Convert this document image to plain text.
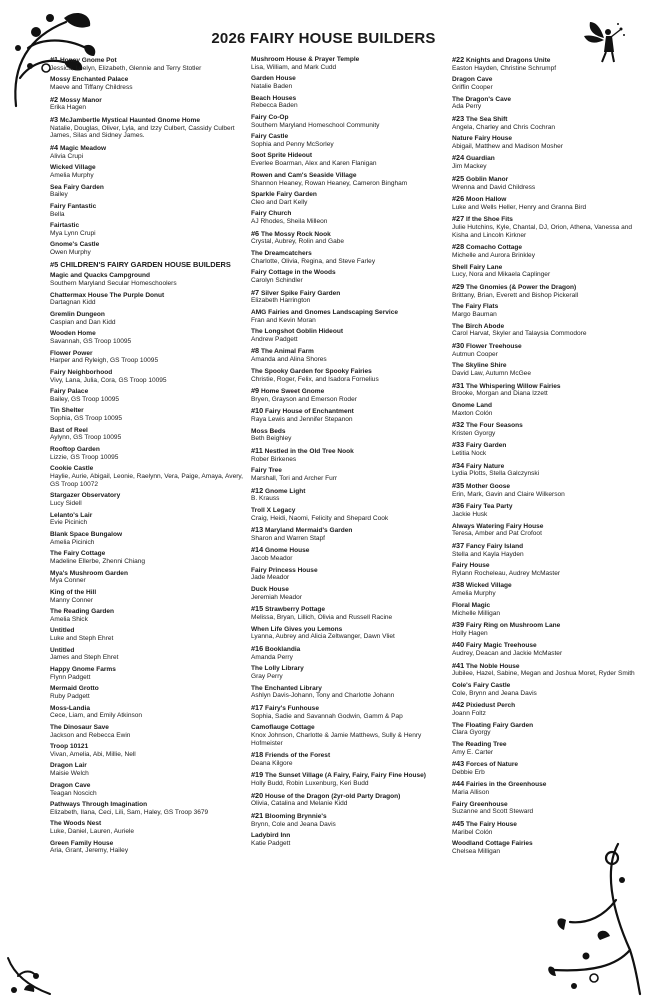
2026 FAIRY HOUSE BUILDERS
#1 Honey Gnome Pot
Jessica, Leelyn, Elizabeth, Glennie and Terry Stotler
Mossy Enchanted Palace
Maeve and Tiffany Childress
#2 Mossy Manor
Erika Hagen
#3 McJambertle Mystical Haunted Gnome Home
Natalie, Douglas, Oliver, Lyla, and Izzy Culbert, Cassidy Culbert James, Silas and Sidney James.
#4 Magic Meadow
Alivia Crupi
Wicked Village
Amelia Murphy
Sea Fairy Garden
Bailey
Fairy Fantastic
Bella
Fairtastic
Mya Lynn Crupi
Gnome's Castle
Owen Murphy
#5 CHILDREN'S FAIRY GARDEN HOUSE BUILDERS
Magic and Quacks Campground
Southern Maryland Secular Homeschoolers
Chattermax House The Purple Donut
Dartagnan Kidd
Gremlin Dungeon
Caspian and Dan Kidd
Wooden Home
Savannah, GS Troop 10095
Flower Power
Harper and Ryleigh, GS Troop 10095
Fairy Neighborhood
Vivy, Lana, Julia, Cora, GS Troop 10095
Fairy Palace
Bailey, GS Troop 10095
Tin Shelter
Sophia, GS Troop 10095
Bast of Reel
Aylynn, GS Troop 10095
Rooftop Garden
Lizzie, GS Troop 10095
Cookie Castle
Haylie, Aurie, Abigail, Leonie, Raelynn, Vera, Paige, Amaya, Avery, GS Troop 10072
Stargazer Observatory
Lucy Sidell
Lelanto's Lair
Evie Picinich
Blank Space Bungalow
Amelia Picinich
The Fairy Cottage
Madeline Ellerbe, Zhenni Chiang
Mya's Mushroom Garden
Mya Conner
King of the Hill
Manny Conner
The Reading Garden
Amelia Shick
Untitled
Luke and Steph Ehret
Untitled
James and Steph Ehret
Happy Gnome Farms
Flynn Padgett
Mermaid Grotto
Ruby Padgett
Moss-Landia
Cece, Liam, and Emily Atkinson
The Dinosaur Save
Jackson and Rebecca Ewin
Troop 10121
Vivan, Amelia, Abi, Millie, Nell
Dragon Lair
Maisie Welch
Dragon Cave
Teagan Noscich
Pathways Through Imagination
Elizabeth, Ilana, Ceci, Lili, Sam, Haley, GS Troop 3679
The Woods Nest
Luke, Daniel, Lauren, Auriele
Green Family House
Aria, Grant, Jeremy, Hailey
Mushroom House & Prayer Temple
Lisa, William, and Mark Cudd
Garden House
Natalie Baden
Beach Houses
Rebecca Baden
Fairy Co-Op
Southern Maryland Homeschool Community
Fairy Castle
Sophia and Penny McSorley
Soot Sprite Hideout
Everlee Boarman, Alex and Karen Flanigan
Rowen and Cam's Seaside Village
Shannon Heaney, Rowan Heaney, Cameron Bingham
Sparkle Fairy Garden
Cleo and Dart Kelly
Fairy Church
AJ Rhodes, Sheila Milleon
#6 The Mossy Rock Nook
Crystal, Aubrey, Rolin and Gabe
The Dreamcatchers
Charlotte, Olivia, Regina, and Steve Farley
Fairy Cottage in the Woods
Carolyn Schindler
#7 Silver Spike Fairy Garden
Elizabeth Harrington
AMG Fairies and Gnomes Landscaping Service
Fran and Kevin Moran
The Longshot Goblin Hideout
Andrew Padgett
#8 The Animal Farm
Amanda and Alina Shores
The Spooky Garden for Spooky Fairies
Christie, Roger, Felix, and Isadora Fornelius
#9 Home Sweet Gnome
Bryen, Grayson and Emerson Roder
#10 Fairy House of Enchantment
Raya Lewis and Jennifer Stepanon
Moss Beds
Beth Beighley
#11 Nestled in the Old Tree Nook
Rober Birkenes
Fairy Tree
Marshall, Tori and Archer Furr
#12 Gnome Light
B. Krauss
Troll X Legacy
Craig, Heidi, Naomi, Felicity and Shepard Cook
#13 Maryland Mermaid's Garden
Sharon and Warren Stapf
#14 Gnome House
Jacob Meador
Fairy Princess House
Jade Meador
Duck House
Jeremiah Meador
#15 Strawberry Pottage
Melissa, Bryan, Lillich, Olivia and Russell Racine
When Life Gives you Lemons
Lyanna, Aubrey and Alicia Zeltwanger, Dawn Vliet
#16 Booklandia
Amanda Perry
The Lolly Library
Gray Perry
The Enchanted Library
Ashlyn Davis-Johann, Tony and Charlotte Johann
#17 Fairy's Funhouse
Sophia, Sadie and Savannah Godwin, Gamm & Pap
Camoflauge Cottage
Knox Johnson, Charlotte & Jamie Matthews, Sully & Henry Hofmeister
#18 Friends of the Forest
Deana Kilgore
#19 The Sunset Village (A Fairy, Fairy, Fairy Fine House)
Holly Budd, Robin Luxenburg, Keri Budd
#20 House of the Dragon (2yr-old Party Dragon)
Olivia, Catalina and Melanie Kidd
#21 Blooming Brynnie's
Brynn, Cole and Jeana Davis
Ladybird Inn
Katie Padgett
#22 Knights and Dragons Unite
Easton Hayden, Christine Schrumpf
Dragon Cave
Griffin Cooper
The Dragon's Cave
Ada Perry
#23 The Sea Shift
Angela, Charley and Chris Cochran
Nature Fairy House
Abigail, Matthew and Madison Mosher
#24 Guardian
Jim Mackey
#25 Goblin Manor
Wrenna and David Childress
#26 Moon Hallow
Luke and Wells Heller, Henry and Granna Bird
#27 If the Shoe Fits
Julie Hutchins, Kyle, Chantal, DJ, Orion, Athena, Vanessa and Kisha and Lincoln Kirkner
#28 Comacho Cottage
Michelle and Aurora Brinkley
Shell Fairy Lane
Lucy, Nora and Mikaela Caplinger
#29 The Gnomies (& Power the Dragon)
Brittany, Brian, Everett and Bishop Pickerall
The Fairy Flats
Margo Bauman
The Birch Abode
Carol Harvat, Skyler and Talaysia Commodore
#30 Flower Treehouse
Autmun Cooper
The Skyline Shire
David Law, Autumn McGee
#31 The Whispering Willow Fairies
Brooke, Morgan and Diana Izzett
Gnome Land
Maxton Colón
#32 The Four Seasons
Kristen Gyorgy
#33 Fairy Garden
Letitia Nock
#34 Fairy Nature
Lydia Plotts, Stella Galczynski
#35 Mother Goose
Erin, Mark, Gavin and Claire Wilkerson
#36 Fairy Tea Party
Jackie Husk
Always Watering Fairy House
Teresa, Amber and Pat Crofoot
#37 Fancy Fairy Island
Stella and Kayla Hayden
Fairy House
Rylann Rocheleau, Audrey McMaster
#38 Wicked Village
Amelia Murphy
Floral Magic
Michelle Milligan
#39 Fairy Ring on Mushroom Lane
Holly Hagen
#40 Fairy Magic Treehouse
Audrey, Deacan and Jackie McMaster
#41 The Noble House
Jubilee, Hazel, Sabine, Megan and Joshua Moret, Ryder Smith
Cole's Fairy Castle
Cole, Brynn and Jeana Davis
#42 Pixiedust Perch
Joann Foltz
The Floating Fairy Garden
Clara Gyorgy
The Reading Tree
Amy E. Carter
#43 Forces of Nature
Debbie Erb
#44 Fairies in the Greenhouse
Maria Allison
Fairy Greenhouse
Suzanne and Scott Steward
#45 The Fairy House
Maribel Colón
Woodland Cottage Fairies
Chelsea Milligan
